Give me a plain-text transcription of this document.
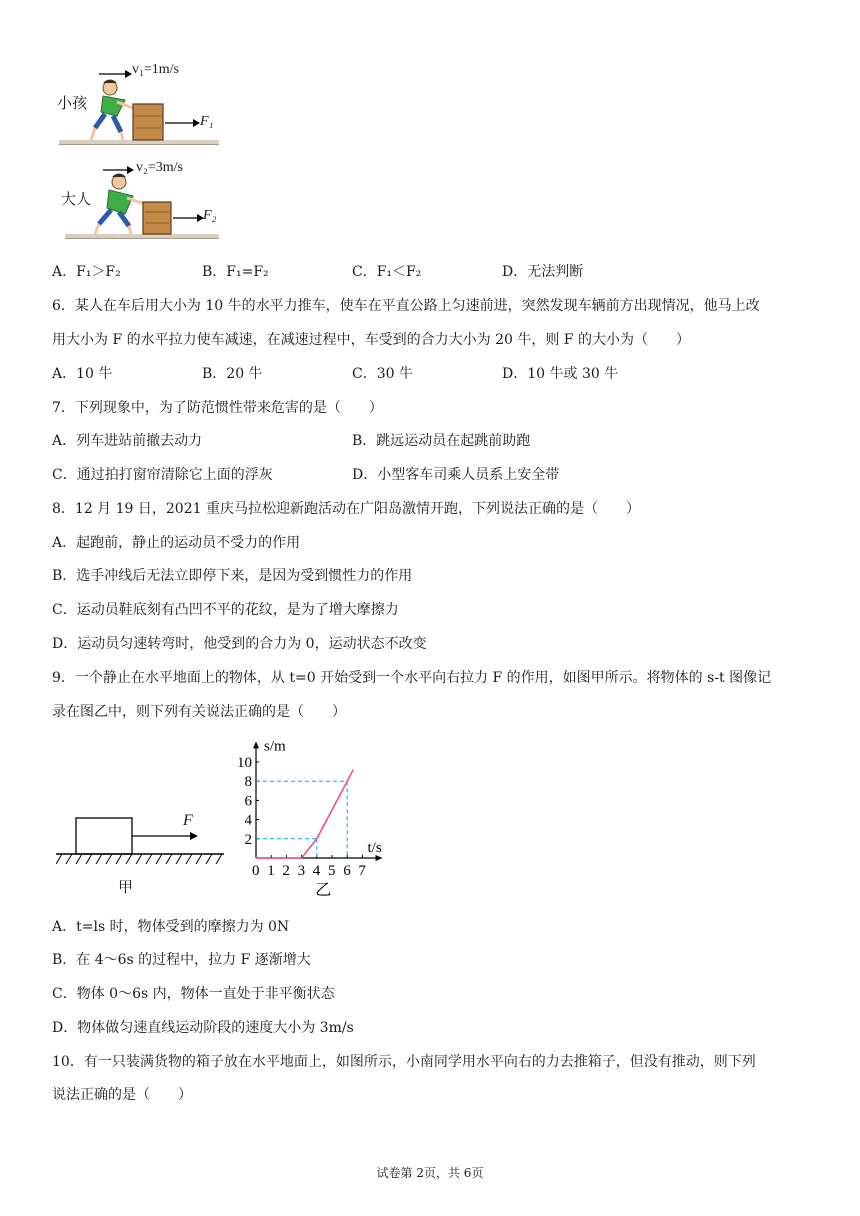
小孩
大人
v₁=1m/s
v₂=3m/s
F₁
F₂
A．F₁＞F₂	B．F₁=F₂	C．F₁＜F₂	D．无法判断
6．某人在车后用大小为 10 牛的水平力推车，使车在平直公路上匀速前进，突然发现车辆前方出现情况，他马上改
用大小为 F 的水平拉力使车减速，在减速过程中，车受到的合力大小为 20 牛，则 F 的大小为（　　）
A．10 牛	B．20 牛	C．30 牛	D．10 牛或 30 牛
7．下列现象中，为了防范惯性带来危害的是（　　）
A．列车进站前撤去动力	B．跳远运动员在起跳前助跑
C．通过拍打窗帘清除它上面的浮灰	D．小型客车司乘人员系上安全带
8．12 月 19 日，2021 重庆马拉松迎新跑活动在广阳岛激情开跑，下列说法正确的是（　　）
A．起跑前，静止的运动员不受力的作用
B．选手冲线后无法立即停下来，是因为受到惯性力的作用
C．运动员鞋底刻有凸凹不平的花纹，是为了增大摩擦力
D．运动员匀速转弯时，他受到的合力为 0，运动状态不改变
9．一个静止在水平地面上的物体，从 t=0 开始受到一个水平向右拉力 F 的作用，如图甲所示。将物体的 s-t 图像记
录在图乙中，则下列有关说法正确的是（　　）
F
甲
s/m
t/s
0 1 2 3 4 5 6 7
2
4
6
8
10
乙
A．t=ls 时，物体受到的摩擦力为 0N
B．在 4～6s 的过程中，拉力 F 逐渐增大
C．物体 0～6s 内，物体一直处于非平衡状态
D．物体做匀速直线运动阶段的速度大小为 3m/s
10．有一只装满货物的箱子放在水平地面上，如图所示，小南同学用水平向右的力去推箱子，但没有推动，则下列
说法正确的是（　　）
试卷第 2页，共 6页
